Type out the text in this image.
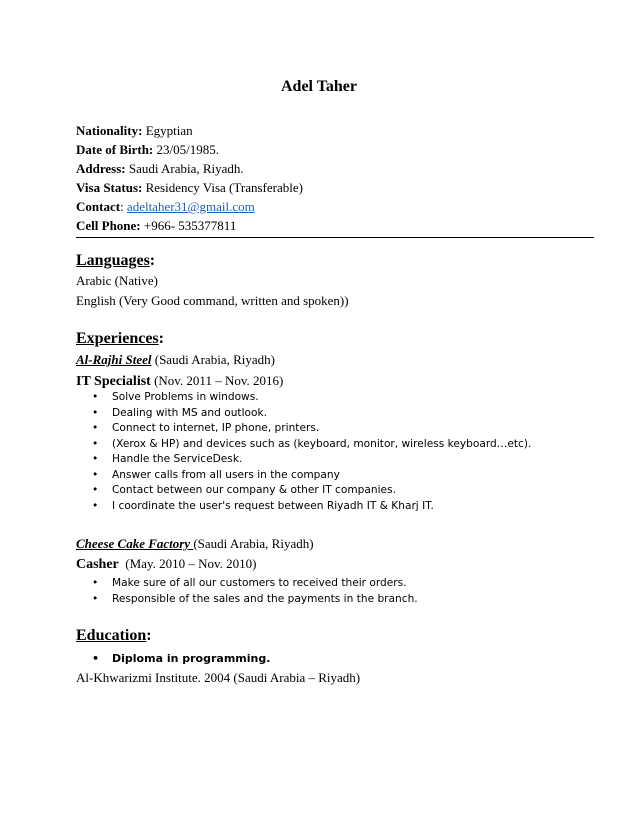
Adel Taher
Nationality: Egyptian
Date of Birth: 23/05/1985.
Address: Saudi Arabia, Riyadh.
Visa Status: Residency Visa (Transferable)
Contact: adeltaher31@gmail.com
Cell Phone: +966- 535377811
Languages:
Arabic (Native)
English (Very Good command, written and spoken))
Experiences:
Al-Rajhi Steel (Saudi Arabia, Riyadh)
IT Specialist (Nov. 2011 – Nov. 2016)
• Solve Problems in windows.
• Dealing with MS and outlook.
• Connect to internet, IP phone, printers.
• (Xerox & HP) and devices such as (keyboard, monitor, wireless keyboard…etc).
• Handle the ServiceDesk.
• Answer calls from all users in the company
• Contact between our company & other IT companies.
• I coordinate the user's request between Riyadh IT & Kharj IT.
Cheese Cake Factory (Saudi Arabia, Riyadh)
Casher  (May. 2010 – Nov. 2010)
• Make sure of all our customers to received their orders.
• Responsible of the sales and the payments in the branch.
Education:
• Diploma in programming.
Al-Khwarizmi Institute. 2004 (Saudi Arabia – Riyadh)
